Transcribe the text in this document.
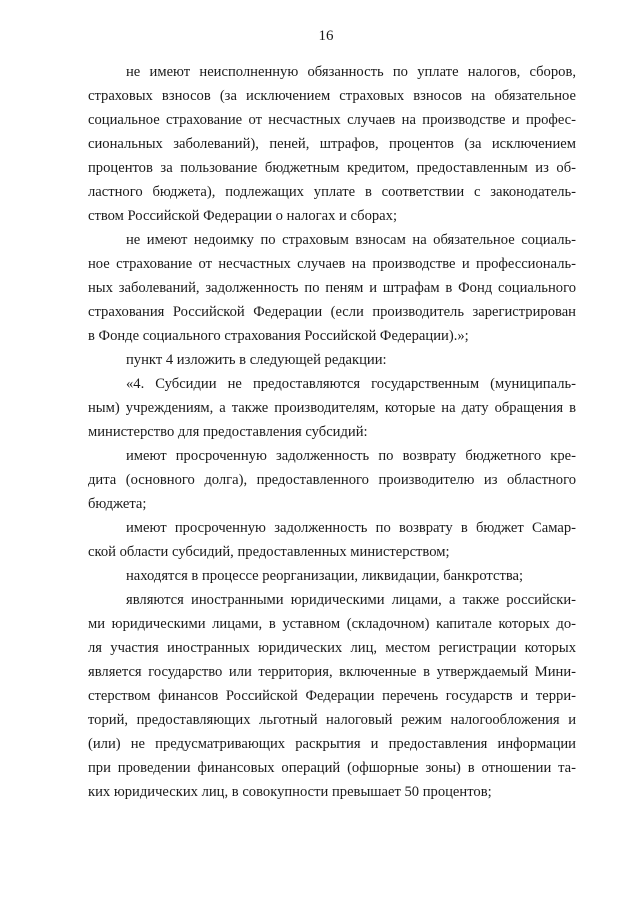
16
не имеют неисполненную обязанность по уплате налогов, сборов,
страховых взносов (за исключением страховых взносов на обязательное
социальное страхование от несчастных случаев на производстве и профес-
сиональных заболеваний), пеней, штрафов, процентов (за исключением
процентов за пользование бюджетным кредитом, предоставленным из об-
ластного бюджета), подлежащих уплате в соответствии с законодатель-
ством Российской Федерации о налогах и сборах;
не имеют недоимку по страховым взносам на обязательное социаль-
ное страхование от несчастных случаев на производстве и профессиональ-
ных заболеваний, задолженность по пеням и штрафам в Фонд социального
страхования Российской Федерации (если производитель зарегистрирован
в Фонде социального страхования Российской Федерации).»;
пункт 4 изложить в следующей редакции:
«4. Субсидии не предоставляются государственным (муниципаль-
ным) учреждениям, а также производителям, которые на дату обращения в
министерство для предоставления субсидий:
имеют просроченную задолженность по возврату бюджетного кре-
дита (основного долга), предоставленного производителю из областного
бюджета;
имеют просроченную задолженность по возврату в бюджет Самар-
ской области субсидий, предоставленных министерством;
находятся в процессе реорганизации, ликвидации, банкротства;
являются иностранными юридическими лицами, а также российски-
ми юридическими лицами, в уставном (складочном) капитале которых до-
ля участия иностранных юридических лиц, местом регистрации которых
является государство или территория, включенные в утверждаемый Мини-
стерством финансов Российской Федерации перечень государств и терри-
торий, предоставляющих льготный налоговый режим налогообложения и
(или) не предусматривающих раскрытия и предоставления информации
при проведении финансовых операций (офшорные зоны) в отношении та-
ких юридических лиц, в совокупности превышает 50 процентов;
